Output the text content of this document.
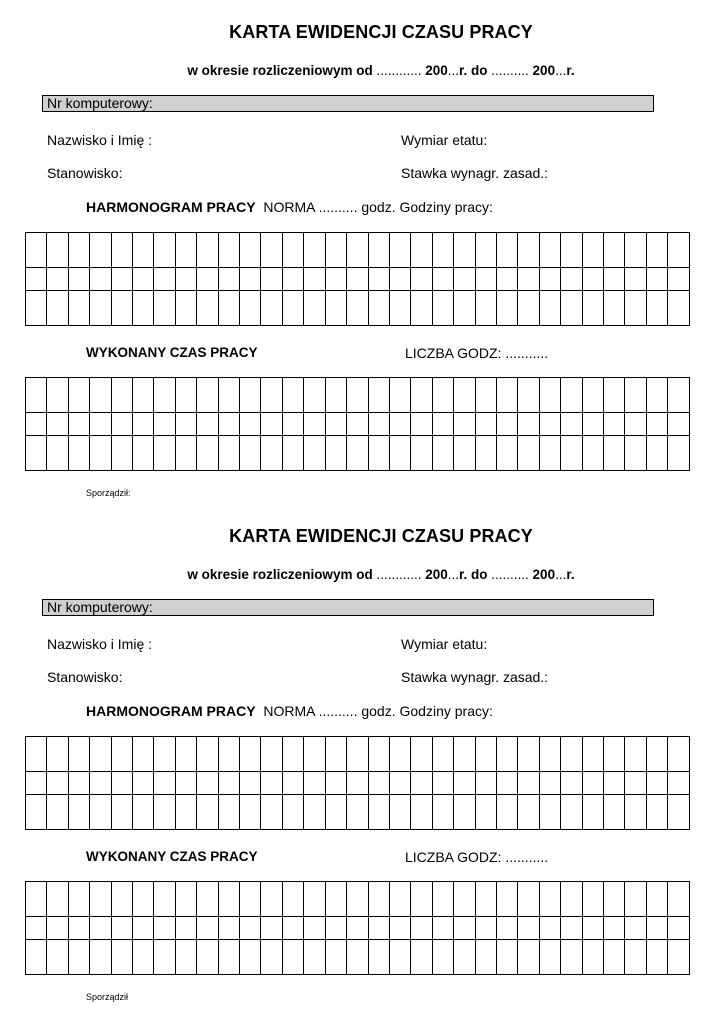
KARTA EWIDENCJI CZASU PRACY
w okresie rozliczeniowym od ............ 200...r. do .......... 200...r.
Nr komputerowy:
Nazwisko i Imię :	Wymiar etatu:
Stanowisko:	Stawka wynagr. zasad.:
HARMONOGRAM PRACY  NORMA .......... godz. Godziny pracy:

WYKONANY CZAS PRACY	LICZBA GODZ: ...........

Sporządził:
KARTA EWIDENCJI CZASU PRACY
w okresie rozliczeniowym od ............ 200...r. do .......... 200...r.
Nr komputerowy:
Nazwisko i Imię :	Wymiar etatu:
Stanowisko:	Stawka wynagr. zasad.:
HARMONOGRAM PRACY  NORMA .......... godz. Godziny pracy:

WYKONANY CZAS PRACY	LICZBA GODZ: ...........

Sporządził
